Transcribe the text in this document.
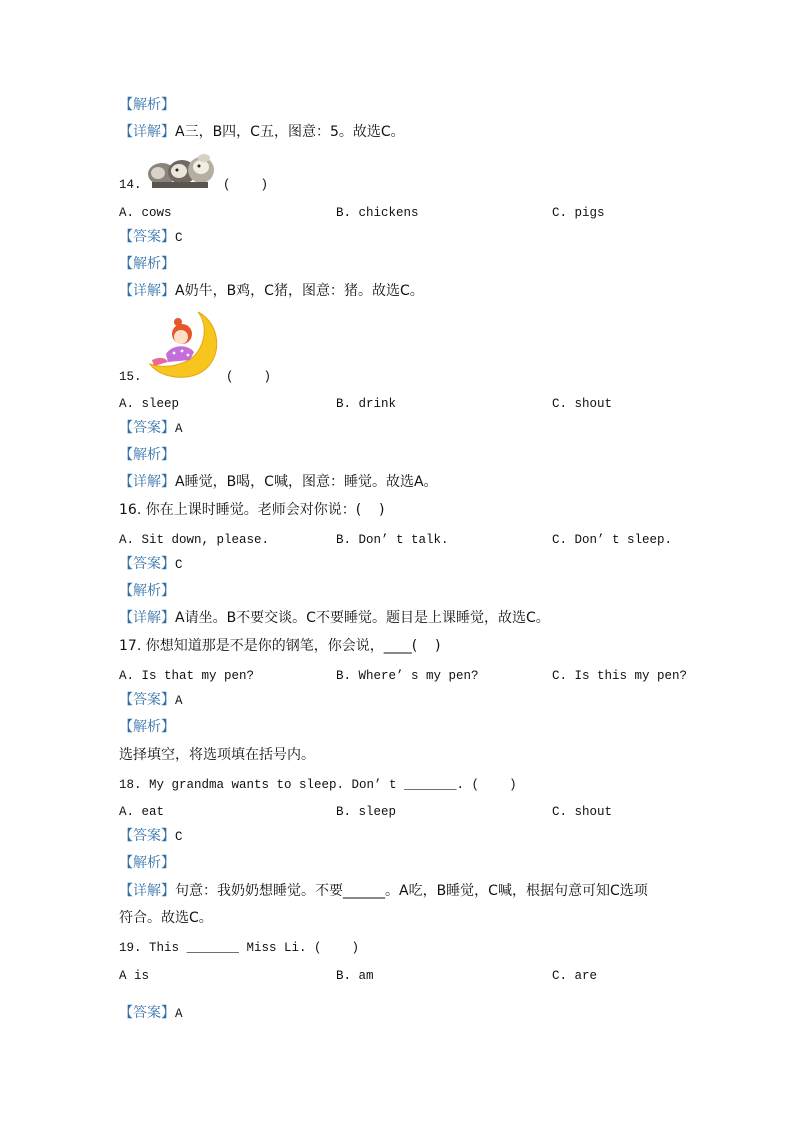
【解析】
【详解】A三，B四，C五，图意：5。故选C。
14.	(    )
A. cows	B. chickens	C. pigs
【答案】C
【解析】
【详解】A奶牛，B鸡，C猪，图意：猪。故选C。
15.	(    )
A. sleep	B. drink	C. shout
【答案】A
【解析】
【详解】A睡觉，B喝，C喊，图意：睡觉。故选A。
16. 你在上课时睡觉。老师会对你说：(    )
A. Sit down, please.	B. Don’ t talk.	C. Don’ t sleep.
【答案】C
【解析】
【详解】A请坐。B不要交谈。C不要睡觉。题目是上课睡觉，故选C。
17. 你想知道那是不是你的钢笔，你会说，____(    )
A. Is that my pen?	B. Where’ s my pen?	C. Is this my pen?
【答案】A
【解析】
选择填空，将选项填在括号内。
18. My grandma wants to sleep. Don’ t _______. (    )
A. eat	B. sleep	C. shout
【答案】C
【解析】
【详解】句意：我奶奶想睡觉。不要______。A吃，B睡觉，C喊，根据句意可知C选项
符合。故选C。
19. This _______ Miss Li. (    )
A is	B. am	C. are
【答案】A
